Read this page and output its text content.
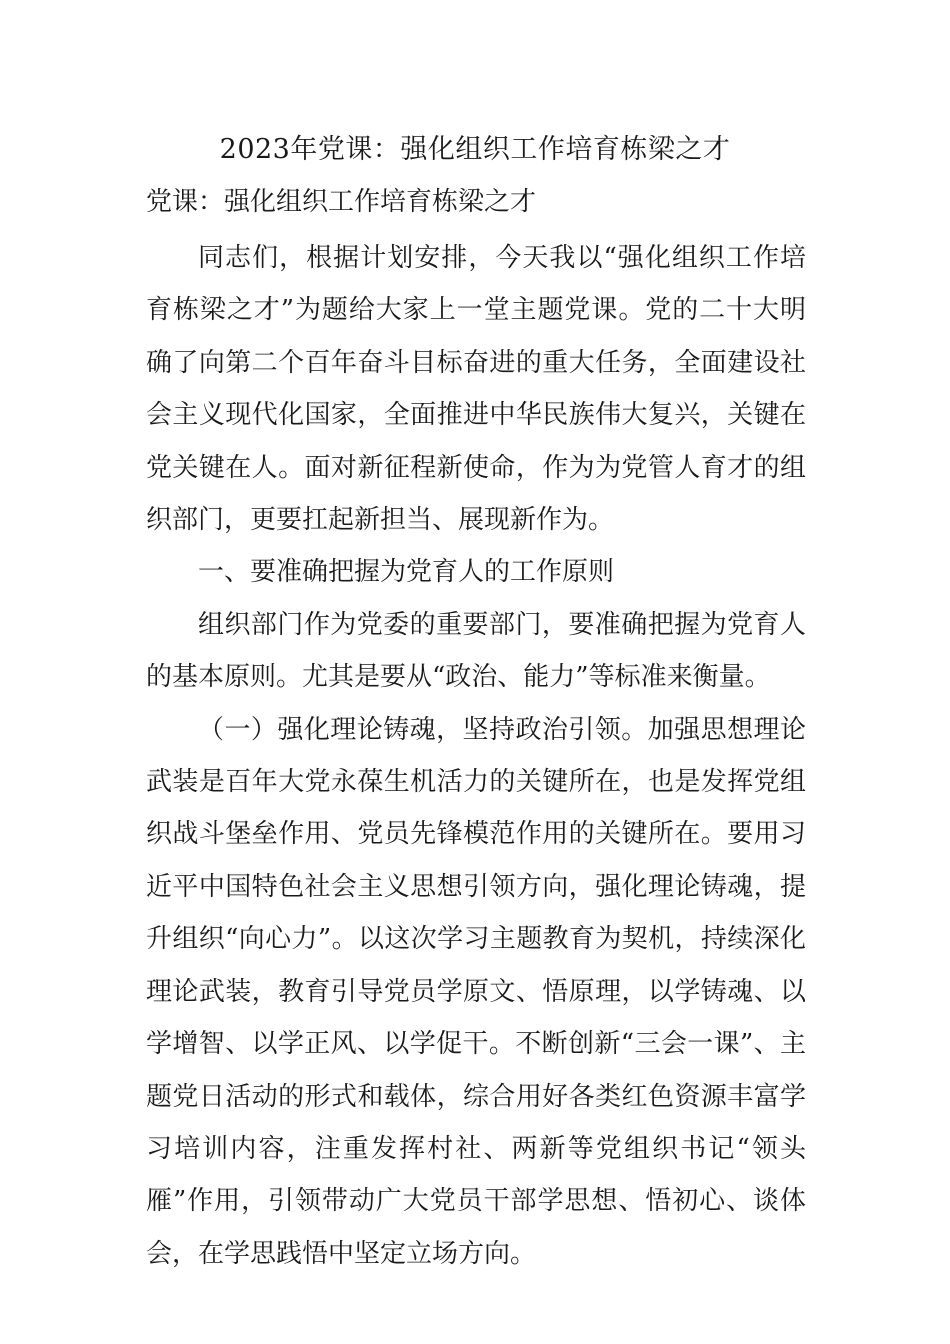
2023年党课：强化组织工作培育栋梁之才
党课：强化组织工作培育栋梁之才

同志们，根据计划安排，今天我以“强化组织工作培育栋梁之才”为题给大家上一堂主题党课。党的二十大明确了向第二个百年奋斗目标奋进的重大任务，全面建设社会主义现代化国家，全面推进中华民族伟大复兴，关键在党关键在人。面对新征程新使命，作为为党管人育才的组织部门，更要扛起新担当、展现新作为。

一、要准确把握为党育人的工作原则

组织部门作为党委的重要部门，要准确把握为党育人的基本原则。尤其是要从“政治、能力”等标准来衡量。

（一）强化理论铸魂，坚持政治引领。加强思想理论武装是百年大党永葆生机活力的关键所在，也是发挥党组织战斗堡垒作用、党员先锋模范作用的关键所在。要用习近平中国特色社会主义思想引领方向，强化理论铸魂，提升组织“向心力”。以这次学习主题教育为契机，持续深化理论武装，教育引导党员学原文、悟原理，以学铸魂、以学增智、以学正风、以学促干。不断创新“三会一课”、主题党日活动的形式和载体，综合用好各类红色资源丰富学习培训内容，注重发挥村社、两新等党组织书记“领头雁”作用，引领带动广大党员干部学思想、悟初心、谈体会，在学思践悟中坚定立场方向。
